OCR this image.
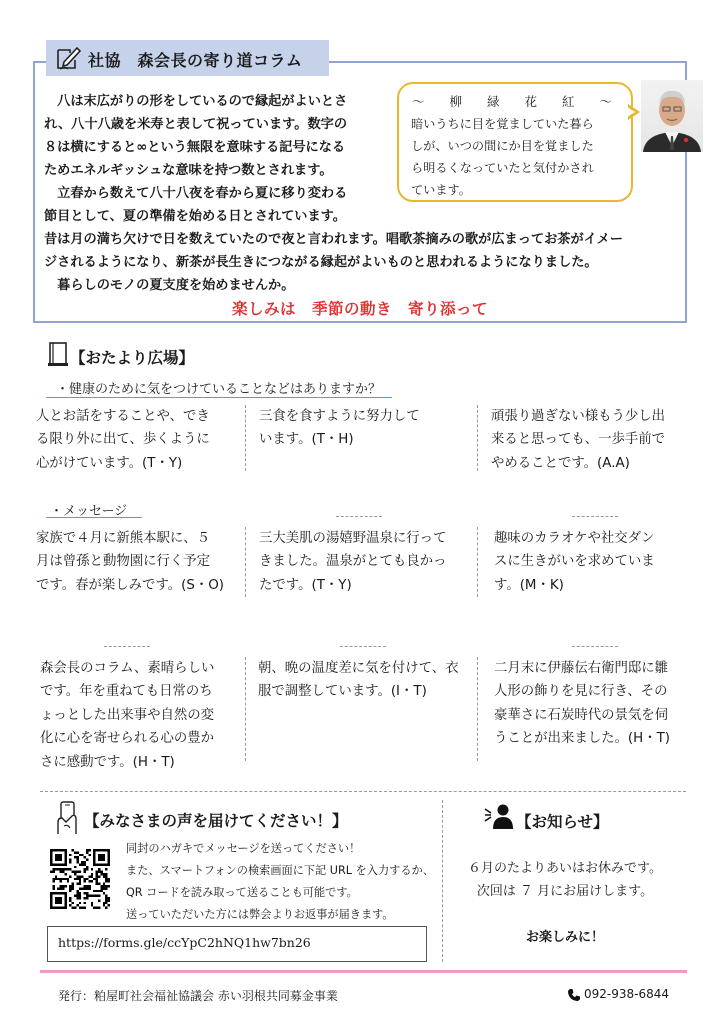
社協　森会長の寄り道コラム
　八は末広がりの形をしているので縁起がよいとさ
れ、八十八歳を米寿と表して祝っています。数字の
８は横にすると∞という無限を意味する記号になる
ためエネルギッシュな意味を持つ数とされます。
　立春から数えて八十八夜を春から夏に移り変わる
節目として、夏の準備を始める日とされています。
昔は月の満ち欠けで日を数えていたので夜と言われます。唱歌茶摘みの歌が広まってお茶がイメー
ジされるようになり、新茶が長生きにつながる縁起がよいものと思われるようになりました。
　暮らしのモノの夏支度を始めませんか。
楽しみは　季節の動き　寄り添って
～ 柳 緑 花 紅 ～
暗いうちに目を覚ましていた暮ら
しが、いつの間にか目を覚ました
ら明るくなっていたと気付かされ
ています。
【おたより広場】
・健康のために気をつけていることなどはありますか？
人とお話をすることや、でき
る限り外に出て、歩くように
心がけています。(T・Y)
三食を食すように努力して
います。(T・H)
頑張り過ぎない様もう少し出
来ると思っても、一歩手前で
やめることです。(A.A)
・メッセージ
家族で４月に新熊本駅に、５
月は曾孫と動物園に行く予定
です。春が楽しみです。(S・O)
三大美肌の湯嬉野温泉に行って
きました。温泉がとても良かっ
たです。(T・Y)
趣味のカラオケや社交ダン
スに生きがいを求めていま
す。(M・K)
森会長のコラム、素晴らしい
です。年を重ねても日常のち
ょっとした出来事や自然の変
化に心を寄せられる心の豊か
さに感動です。(H・T)
朝、晩の温度差に気を付けて、衣
服で調整しています。(I・T)
二月末に伊藤伝右衛門邸に雛
人形の飾りを見に行き、その
豪華さに石炭時代の景気を伺
うことが出来ました。(H・T)
【みなさまの声を届けてください！】
同封のハガキでメッセージを送ってください！
また、スマートフォンの検索画面に下記 URL を入力するか、
QR コードを読み取って送ることも可能です。
送っていただいた方には弊会よりお返事が届きます。
https://forms.gle/ccYpC2hNQ1hw7bn26
【お知らせ】
６月のたよりあいはお休みです。
次回は ７ 月にお届けします。
お楽しみに！
発行：粕屋町社会福祉協議会 赤い羽根共同募金事業	092-938-6844
